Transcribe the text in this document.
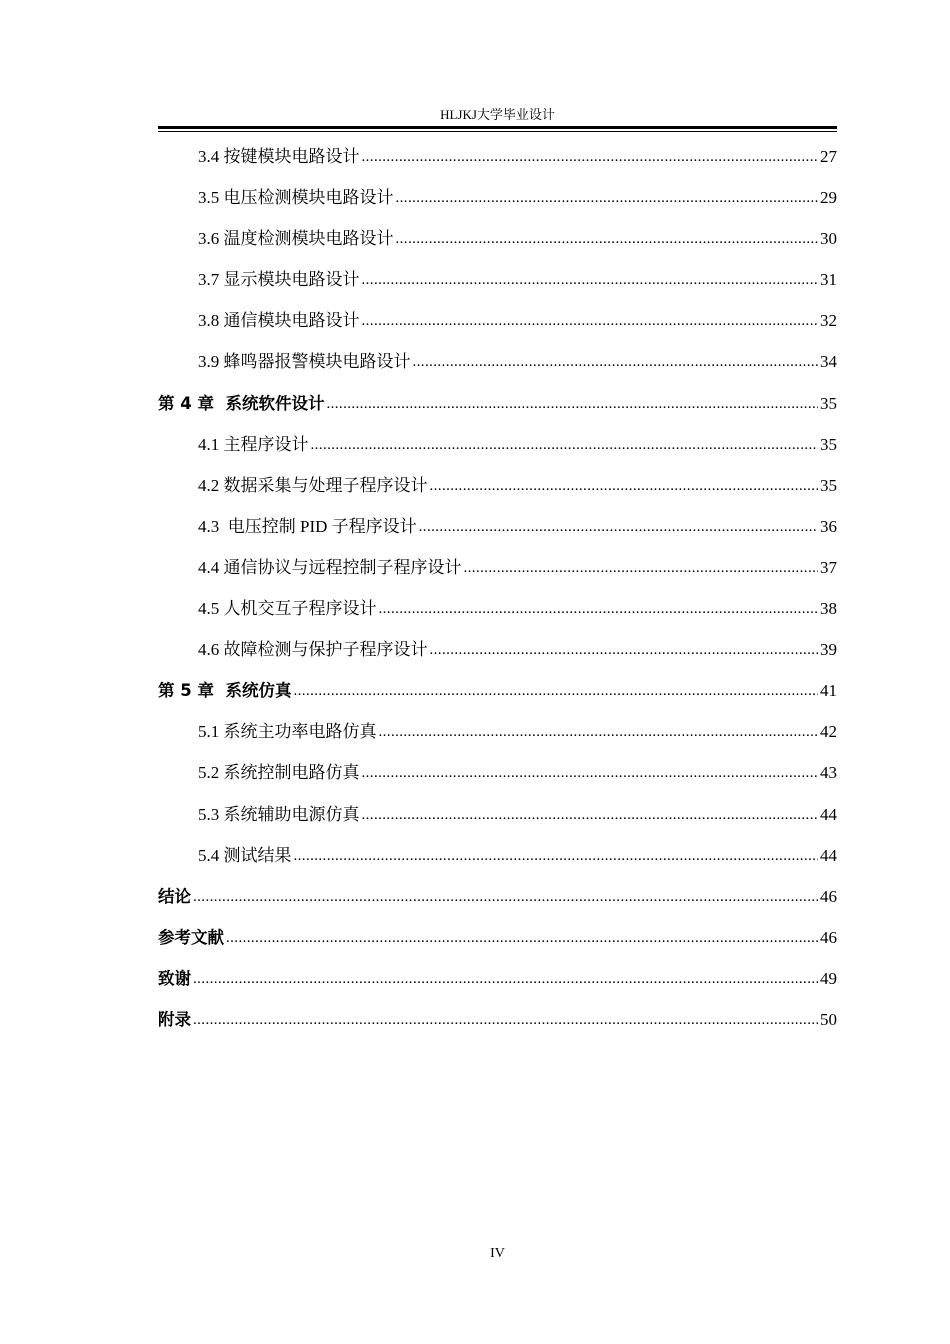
HLJKJ大学毕业设计
3.4 按键模块电路设计 .....	27
3.5 电压检测模块电路设计 .....	29
3.6 温度检测模块电路设计 .....	30
3.7 显示模块电路设计 .....	31
3.8 通信模块电路设计 .....	32
3.9 蜂鸣器报警模块电路设计 .....	34
第 4 章  系统软件设计 .....	35
4.1 主程序设计 .....	35
4.2 数据采集与处理子程序设计 .....	35
4.3  电压控制 PID 子程序设计 .....	36
4.4 通信协议与远程控制子程序设计 .....	37
4.5 人机交互子程序设计 .....	38
4.6 故障检测与保护子程序设计 .....	39
第 5 章  系统仿真 .....	41
5.1 系统主功率电路仿真 .....	42
5.2 系统控制电路仿真 .....	43
5.3 系统辅助电源仿真 .....	44
5.4 测试结果 .....	44
结论 .....	46
参考文献 .....	46
致谢 .....	49
附录 .....	50
IV
